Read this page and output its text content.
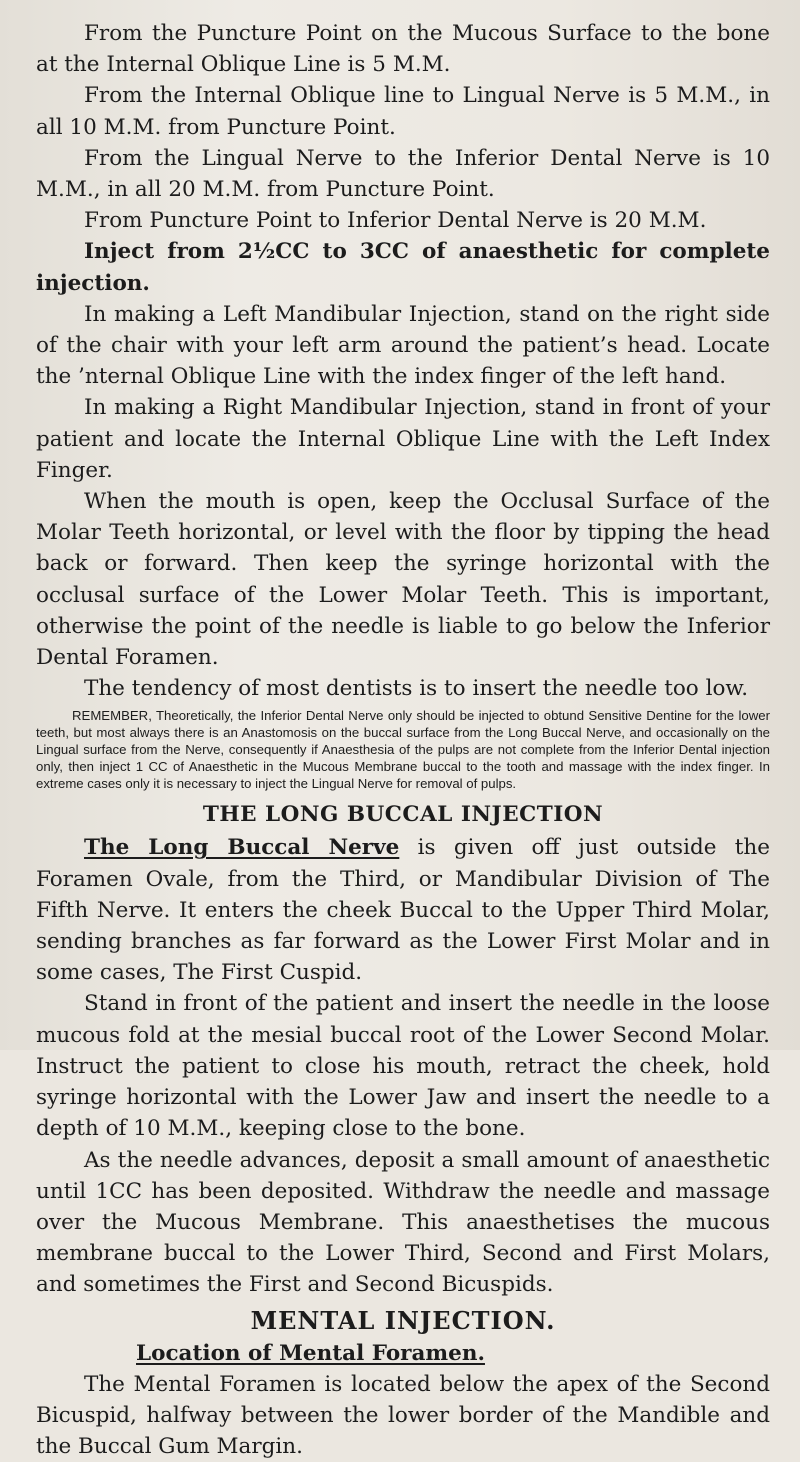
From the Puncture Point on the Mucous Surface to the bone at the Internal Oblique Line is 5 M.M.

From the Internal Oblique line to Lingual Nerve is 5 M.M., in all 10 M.M. from Puncture Point.

From the Lingual Nerve to the Inferior Dental Nerve is 10 M.M., in all 20 M.M. from Puncture Point.

From Puncture Point to Inferior Dental Nerve is 20 M.M.

Inject from 2½CC to 3CC of anaesthetic for complete injection.

In making a Left Mandibular Injection, stand on the right side of the chair with your left arm around the patient’s head. Locate the ’nternal Oblique Line with the index finger of the left hand.

In making a Right Mandibular Injection, stand in front of your patient and locate the Internal Oblique Line with the Left Index Finger.

When the mouth is open, keep the Occlusal Surface of the Molar Teeth horizontal, or level with the floor by tipping the head back or forward. Then keep the syringe horizontal with the occlusal surface of the Lower Molar Teeth. This is important, otherwise the point of the needle is liable to go below the Inferior Dental Foramen.

The tendency of most dentists is to insert the needle too low.

REMEMBER, Theoretically, the Inferior Dental Nerve only should be injected to obtund Sensitive Dentine for the lower teeth, but most always there is an Anastomosis on the buccal surface from the Long Buccal Nerve, and occasionally on the Lingual surface from the Nerve, consequently if Anaesthesia of the pulps are not complete from the Inferior Dental injection only, then inject 1 CC of Anaesthetic in the Mucous Membrane buccal to the tooth and massage with the index finger. In extreme cases only it is necessary to inject the Lingual Nerve for removal of pulps.

THE LONG BUCCAL INJECTION

The Long Buccal Nerve is given off just outside the Foramen Ovale, from the Third, or Mandibular Division of The Fifth Nerve. It enters the cheek Buccal to the Upper Third Molar, sending branches as far forward as the Lower First Molar and in some cases, The First Cuspid.

Stand in front of the patient and insert the needle in the loose mucous fold at the mesial buccal root of the Lower Second Molar. Instruct the patient to close his mouth, retract the cheek, hold syringe horizontal with the Lower Jaw and insert the needle to a depth of 10 M.M., keeping close to the bone.

As the needle advances, deposit a small amount of anaesthetic until 1CC has been deposited. Withdraw the needle and massage over the Mucous Membrane. This anaesthetises the mucous membrane buccal to the Lower Third, Second and First Molars, and sometimes the First and Second Bicuspids.

MENTAL INJECTION.
Location of Mental Foramen.

The Mental Foramen is located below the apex of the Second Bicuspid, halfway between the lower border of the Mandible and the Buccal Gum Margin.
